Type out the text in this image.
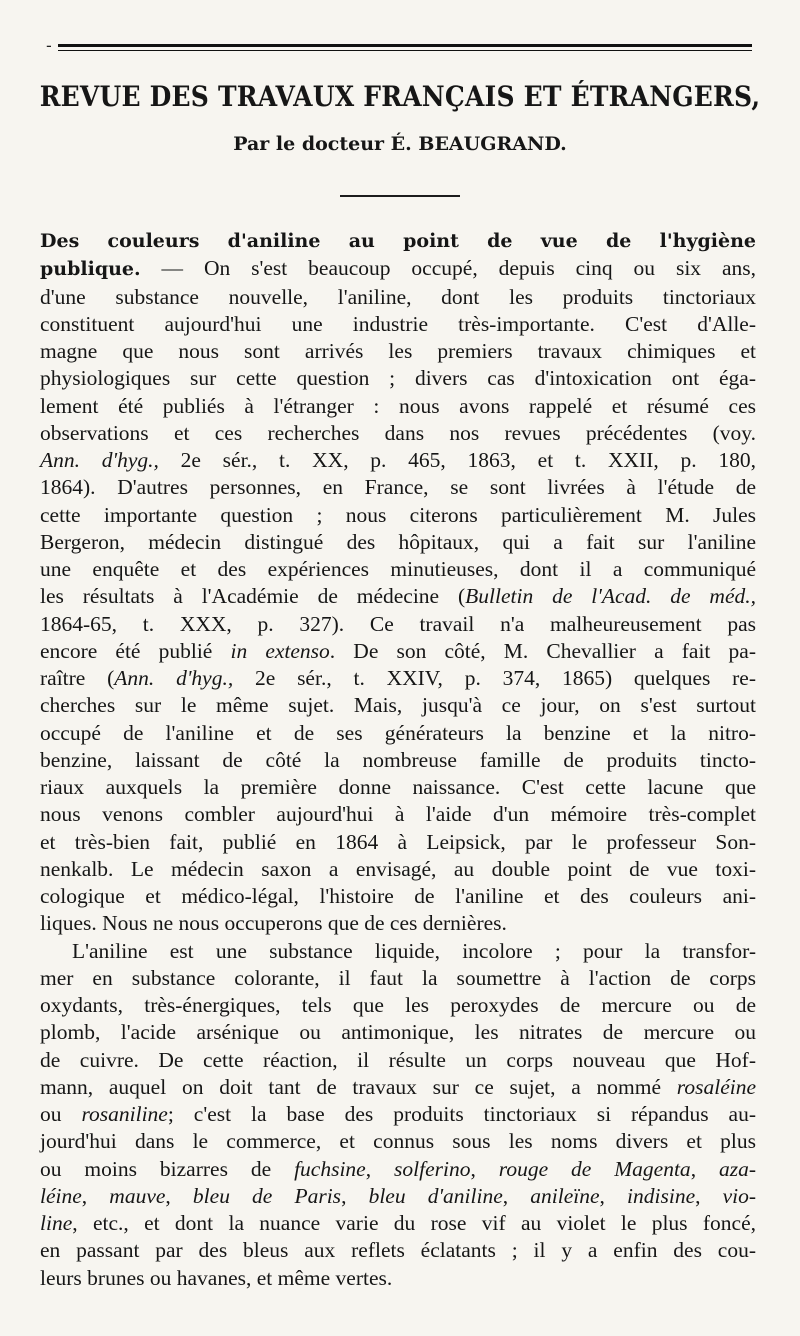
-
REVUE DES TRAVAUX FRANÇAIS ET ÉTRANGERS,
Par le docteur É. BEAUGRAND.
Des couleurs d'aniline au point de vue de l'hygiène
publique. — On s'est beaucoup occupé, depuis cinq ou six ans,
d'une substance nouvelle, l'aniline, dont les produits tinctoriaux
constituent aujourd'hui une industrie très-importante. C'est d'Alle-
magne que nous sont arrivés les premiers travaux chimiques et
physiologiques sur cette question ; divers cas d'intoxication ont éga-
lement été publiés à l'étranger : nous avons rappelé et résumé ces
observations et ces recherches dans nos revues précédentes (voy.
Ann. d'hyg., 2e sér., t. XX, p. 465, 1863, et t. XXII, p. 180,
1864). D'autres personnes, en France, se sont livrées à l'étude de
cette importante question ; nous citerons particulièrement M. Jules
Bergeron, médecin distingué des hôpitaux, qui a fait sur l'aniline
une enquête et des expériences minutieuses, dont il a communiqué
les résultats à l'Académie de médecine (Bulletin de l'Acad. de méd.,
1864-65, t. XXX, p. 327). Ce travail n'a malheureusement pas
encore été publié in extenso. De son côté, M. Chevallier a fait pa-
raître (Ann. d'hyg., 2e sér., t. XXIV, p. 374, 1865) quelques re-
cherches sur le même sujet. Mais, jusqu'à ce jour, on s'est surtout
occupé de l'aniline et de ses générateurs la benzine et la nitro-
benzine, laissant de côté la nombreuse famille de produits tincto-
riaux auxquels la première donne naissance. C'est cette lacune que
nous venons combler aujourd'hui à l'aide d'un mémoire très-complet
et très-bien fait, publié en 1864 à Leipsick, par le professeur Son-
nenkalb. Le médecin saxon a envisagé, au double point de vue toxi-
cologique et médico-légal, l'histoire de l'aniline et des couleurs ani-
liques. Nous ne nous occuperons que de ces dernières.
L'aniline est une substance liquide, incolore ; pour la transfor-
mer en substance colorante, il faut la soumettre à l'action de corps
oxydants, très-énergiques, tels que les peroxydes de mercure ou de
plomb, l'acide arsénique ou antimonique, les nitrates de mercure ou
de cuivre. De cette réaction, il résulte un corps nouveau que Hof-
mann, auquel on doit tant de travaux sur ce sujet, a nommé rosaléine
ou rosaniline; c'est la base des produits tinctoriaux si répandus au-
jourd'hui dans le commerce, et connus sous les noms divers et plus
ou moins bizarres de fuchsine, solferino, rouge de Magenta, aza-
léine, mauve, bleu de Paris, bleu d'aniline, anileïne, indisine, vio-
line, etc., et dont la nuance varie du rose vif au violet le plus foncé,
en passant par des bleus aux reflets éclatants ; il y a enfin des cou-
leurs brunes ou havanes, et même vertes.
